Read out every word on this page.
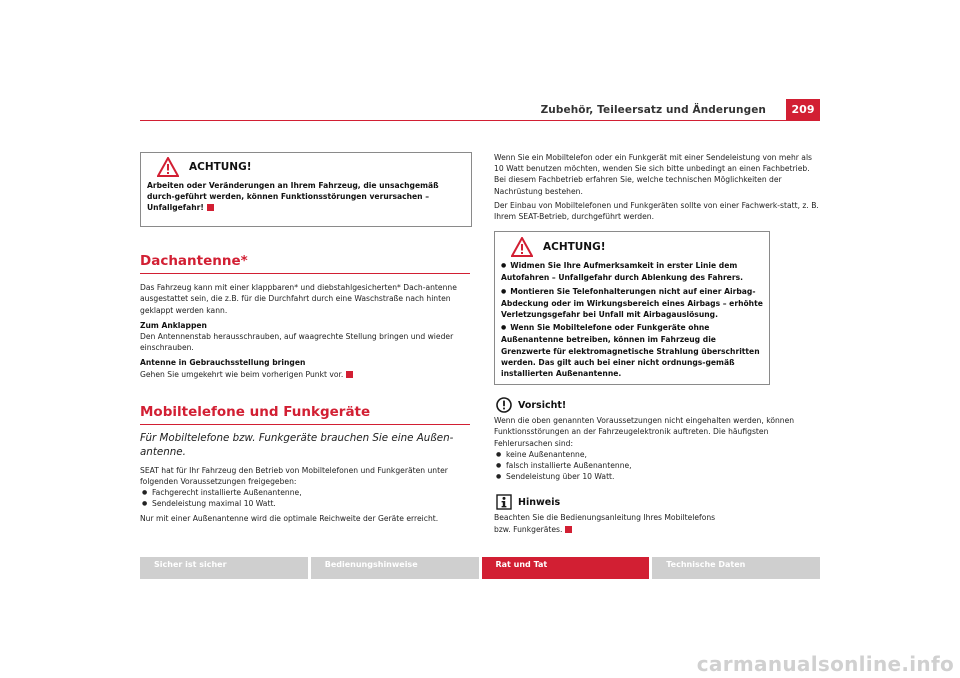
Zubehör, Teileersatz und Änderungen	209
ACHTUNG!

Arbeiten oder Veränderungen an Ihrem Fahrzeug, die unsachgemäß durch-geführt werden, können Funktionsstörungen verursachen – Unfallgefahr!

Dachantenne*

Das Fahrzeug kann mit einer klappbaren* und diebstahlgesicherten* Dach-antenne ausgestattet sein, die z.B. für die Durchfahrt durch eine Waschstraße nach hinten geklappt werden kann.

Zum Anklappen

Den Antennenstab herausschrauben, auf waagrechte Stellung bringen und wieder einschrauben.

Antenne in Gebrauchsstellung bringen

Gehen Sie umgekehrt wie beim vorherigen Punkt vor.

Mobiltelefone und Funkgeräte

Für Mobiltelefone bzw. Funkgeräte brauchen Sie eine Außen-antenne.

SEAT hat für Ihr Fahrzeug den Betrieb von Mobiltelefonen und Funkgeräten unter folgenden Voraussetzungen freigegeben:

● Fachgerecht installierte Außenantenne,

● Sendeleistung maximal 10 Watt.

Nur mit einer Außenantenne wird die optimale Reichweite der Geräte erreicht.

Wenn Sie ein Mobiltelefon oder ein Funkgerät mit einer Sendeleistung von mehr als 10 Watt benutzen möchten, wenden Sie sich bitte unbedingt an einen Fachbetrieb. Bei diesem Fachbetrieb erfahren Sie, welche technischen Möglichkeiten der Nachrüstung bestehen.

Der Einbau von Mobiltelefonen und Funkgeräten sollte von einer Fachwerk-statt, z. B. Ihrem SEAT-Betrieb, durchgeführt werden.

ACHTUNG!

● Widmen Sie Ihre Aufmerksamkeit in erster Linie dem Autofahren – Unfallgefahr durch Ablenkung des Fahrers.

● Montieren Sie Telefonhalterungen nicht auf einer Airbag-Abdeckung oder im Wirkungsbereich eines Airbags – erhöhte Verletzungsgefahr bei Unfall mit Airbagauslösung.

● Wenn Sie Mobiltelefone oder Funkgeräte ohne Außenantenne betreiben, können im Fahrzeug die Grenzwerte für elektromagnetische Strahlung überschritten werden. Das gilt auch bei einer nicht ordnungs-gemäß installierten Außenantenne.

Vorsicht!

Wenn die oben genannten Voraussetzungen nicht eingehalten werden, können Funktionsstörungen an der Fahrzeugelektronik auftreten. Die häufigsten Fehlerursachen sind:

● keine Außenantenne,

● falsch installierte Außenantenne,

● Sendeleistung über 10 Watt.

Hinweis

Beachten Sie die Bedienungsanleitung Ihres Mobiltelefons bzw. Funkgerätes.

Sicher ist sicher	Bedienungshinweise	Rat und Tat	Technische Daten
carmanualsonline.info
